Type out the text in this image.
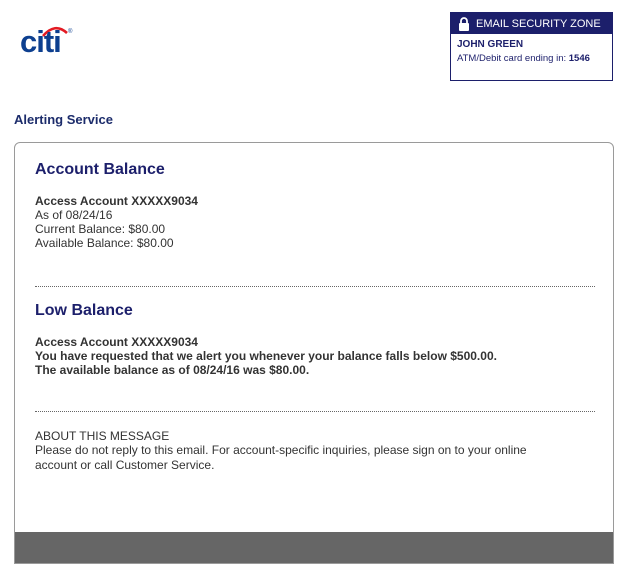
citi ®
EMAIL SECURITY ZONE
JOHN GREEN
ATM/Debit card ending in: 1546
Alerting Service
Account Balance
Access Account XXXXX9034
As of 08/24/16
Current Balance: $80.00
Available Balance: $80.00
Low Balance
Access Account XXXXX9034
You have requested that we alert you whenever your balance falls below $500.00.
The available balance as of 08/24/16 was $80.00.
ABOUT THIS MESSAGE
Please do not reply to this email. For account-specific inquiries, please sign on to your online
account or call Customer Service.
